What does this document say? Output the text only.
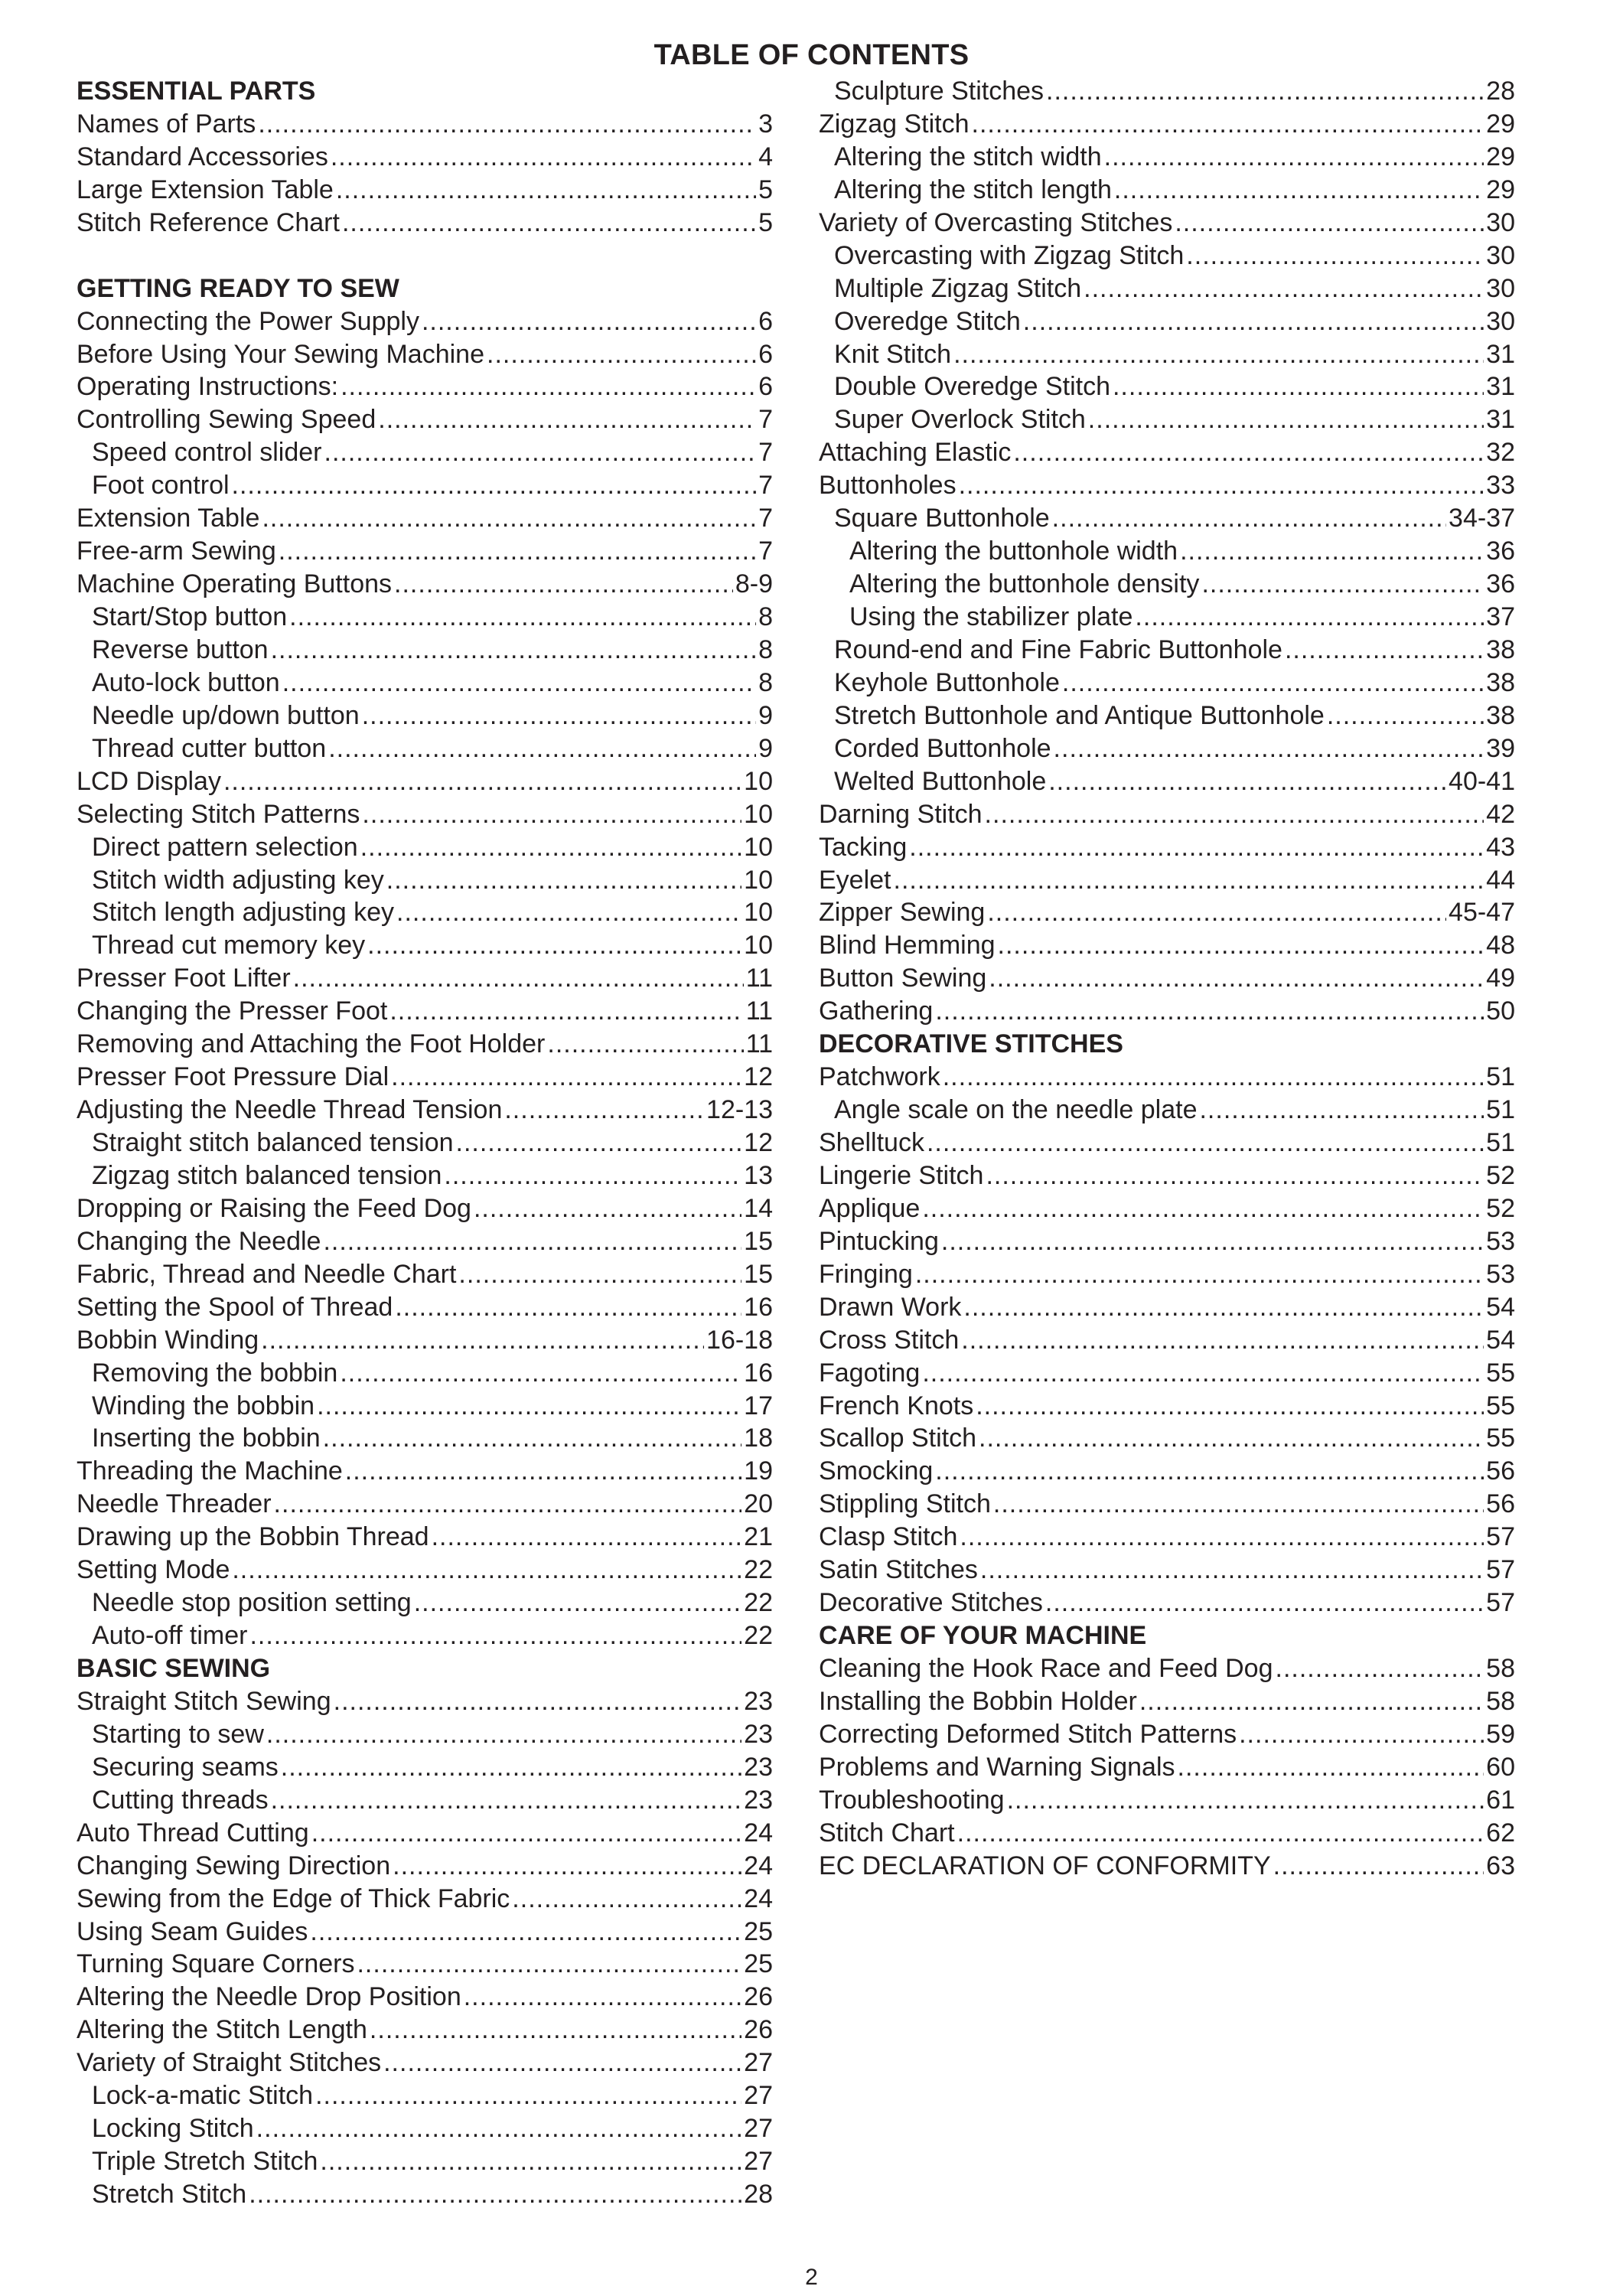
TABLE OF CONTENTS
ESSENTIAL PARTS
Names of Parts .....	3
Standard Accessories .....	4
Large Extension Table .....	5
Stitch Reference Chart .....	5
GETTING READY TO SEW
Connecting the Power Supply .....	6
Before Using Your Sewing Machine .....	6
Operating Instructions: .....	6
Controlling Sewing Speed .....	7
Speed control slider .....	7
Foot control .....	7
Extension Table .....	7
Free-arm Sewing .....	7
Machine Operating Buttons .....	8-9
Start/Stop button .....	8
Reverse button .....	8
Auto-lock button .....	8
Needle up/down button .....	9
Thread cutter button .....	9
LCD Display .....	10
Selecting Stitch Patterns .....	10
Direct pattern selection .....	10
Stitch width adjusting key .....	10
Stitch length adjusting key .....	10
Thread cut memory key .....	10
Presser Foot Lifter .....	11
Changing the Presser Foot .....	11
Removing and Attaching the Foot Holder .....	11
Presser Foot Pressure Dial .....	12
Adjusting the Needle Thread Tension .....	12-13
Straight stitch balanced tension .....	12
Zigzag stitch balanced tension .....	13
Dropping or Raising the Feed Dog .....	14
Changing the Needle .....	15
Fabric, Thread and Needle Chart .....	15
Setting the Spool of Thread .....	16
Bobbin Winding .....	16-18
Removing the bobbin .....	16
Winding the bobbin .....	17
Inserting the bobbin .....	18
Threading the Machine .....	19
Needle Threader .....	20
Drawing up the Bobbin Thread .....	21
Setting Mode .....	22
Needle stop position setting .....	22
Auto-off timer .....	22
BASIC SEWING
Straight Stitch Sewing .....	23
Starting to sew .....	23
Securing seams .....	23
Cutting threads .....	23
Auto Thread Cutting .....	24
Changing Sewing Direction .....	24
Sewing from the Edge of Thick Fabric .....	24
Using Seam Guides .....	25
Turning Square Corners .....	25
Altering the Needle Drop Position .....	26
Altering the Stitch Length .....	26
Variety of Straight Stitches .....	27
Lock-a-matic Stitch .....	27
Locking Stitch .....	27
Triple Stretch Stitch .....	27
Stretch Stitch .....	28
Sculpture Stitches .....	28
Zigzag Stitch .....	29
Altering the stitch width .....	29
Altering the stitch length .....	29
Variety of Overcasting Stitches .....	30
Overcasting with Zigzag Stitch .....	30
Multiple Zigzag Stitch .....	30
Overedge Stitch .....	30
Knit Stitch .....	31
Double Overedge Stitch .....	31
Super Overlock Stitch .....	31
Attaching Elastic .....	32
Buttonholes .....	33
Square Buttonhole .....	34-37
Altering the buttonhole width .....	36
Altering the buttonhole density .....	36
Using the stabilizer plate .....	37
Round-end and Fine Fabric Buttonhole .....	38
Keyhole Buttonhole .....	38
Stretch Buttonhole and Antique Buttonhole .....	38
Corded Buttonhole .....	39
Welted Buttonhole .....	40-41
Darning Stitch .....	42
Tacking .....	43
Eyelet .....	44
Zipper Sewing .....	45-47
Blind Hemming .....	48
Button Sewing .....	49
Gathering .....	50
DECORATIVE STITCHES
Patchwork .....	51
Angle scale on the needle plate .....	51
Shelltuck .....	51
Lingerie Stitch .....	52
Applique .....	52
Pintucking .....	53
Fringing .....	53
Drawn Work .....	54
Cross Stitch .....	54
Fagoting .....	55
French Knots .....	55
Scallop Stitch .....	55
Smocking .....	56
Stippling Stitch .....	56
Clasp Stitch .....	57
Satin Stitches .....	57
Decorative Stitches .....	57
CARE OF YOUR MACHINE
Cleaning the Hook Race and Feed Dog .....	58
Installing the Bobbin Holder .....	58
Correcting Deformed Stitch Patterns .....	59
Problems and Warning Signals .....	60
Troubleshooting .....	61
Stitch Chart .....	62
EC DECLARATION OF CONFORMITY .....	63
2
